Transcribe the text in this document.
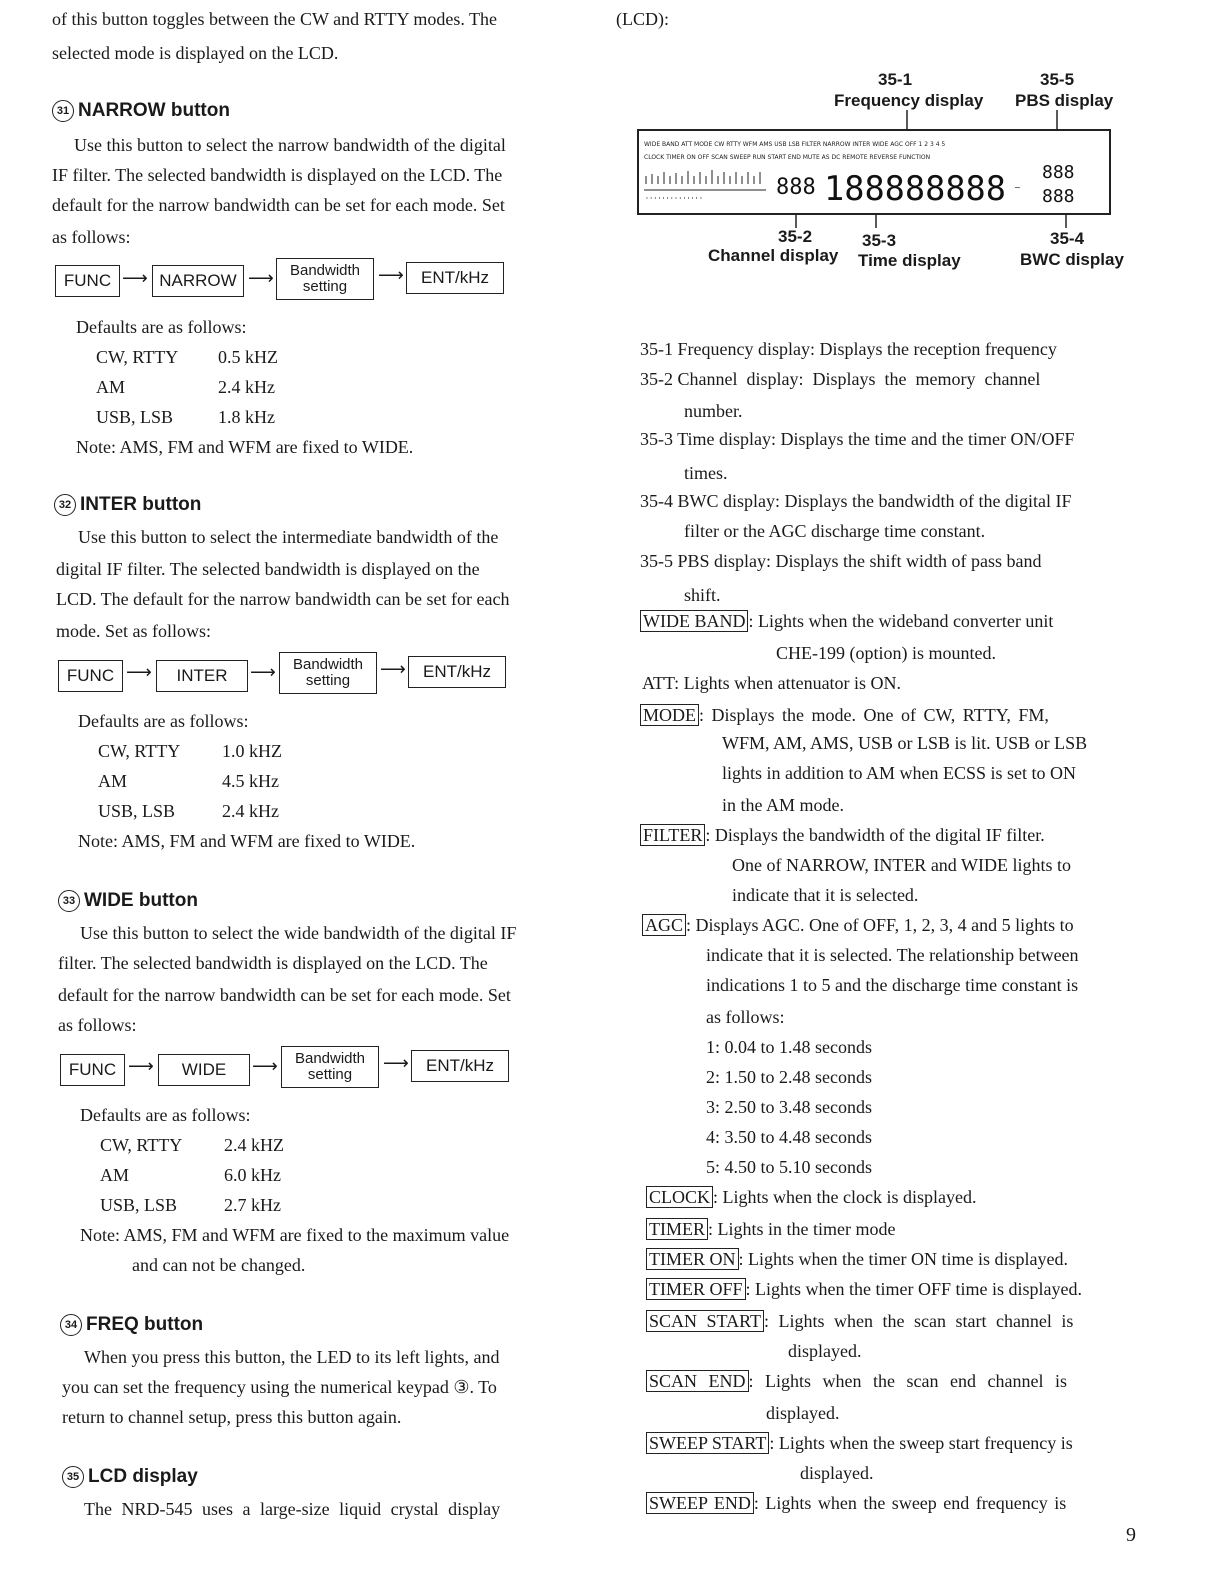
of this button toggles between the CW and RTTY modes. The
selected mode is displayed on the LCD.
31 NARROW button
Use this button to select the narrow bandwidth of the digital
IF filter. The selected bandwidth is displayed on the LCD. The
default for the narrow bandwidth can be set for each mode. Set
as follows:
FUNC ⟶ NARROW ⟶ Bandwidth
setting
⟶	ENT/kHz
Defaults are as follows:
CW, RTTY 0.5 kHZ
AM	2.4 kHz
USB, LSB 1.8 kHz
Note: AMS, FM and WFM are fixed to WIDE.
32 INTER button
Use this button to select the intermediate bandwidth of the
digital IF filter. The selected bandwidth is displayed on the
LCD. The default for the narrow bandwidth can be set for each
mode. Set as follows:
FUNC ⟶	INTER	⟶ Bandwidth
setting
⟶	ENT/kHz
Defaults are as follows:
CW, RTTY 1.0 kHZ
AM	4.5 kHz
USB, LSB	2.4 kHz
Note: AMS, FM and WFM are fixed to WIDE.
33 WIDE button
Use this button to select the wide bandwidth of the digital IF
filter. The selected bandwidth is displayed on the LCD. The
default for the narrow bandwidth can be set for each mode. Set
as follows:
FUNC ⟶	WIDE	⟶ Bandwidth
setting
⟶	ENT/kHz
Defaults are as follows:
CW, RTTY 2.4 kHZ
AM	6.0 kHz
USB, LSB	2.7 kHz
Note: AMS, FM and WFM are fixed to the maximum value
and can not be changed.
34 FREQ button
When you press this button, the LED to its left lights, and
you can set the frequency using the numerical keypad ③. To
return to channel setup, press this button again.
35 LCD display
The NRD-545 uses a large-size liquid crystal display
(LCD):
35-1
Frequency display
35-5
PBS display
WIDE BAND ATT MODE CW RTTY WFM AMS USB LSB FILTER NARROW INTER WIDE AGC OFF 1 2 3 4 5
CLOCK TIMER ON OFF SCAN SWEEP RUN START END MUTE AS DC REMOTE REVERSE FUNCTION
' ' ' ' ' ' ' ' ' ' ' ' ' '	888 188888888 ~
888
888
35-2
Channel display
35-3
Time display
35-4
BWC display
35-1 Frequency display: Displays the reception frequency
35-2 Channel  display:  Displays  the  memory  channel
number.
35-3 Time display: Displays the time and the timer ON/OFF
times.
35-4 BWC display: Displays the bandwidth of the digital IF
filter or the AGC discharge time constant.
35-5 PBS display: Displays the shift width of pass band
shift.
WIDE BAND : Lights when the wideband converter unit
CHE-199 (option) is mounted.
ATT: Lights when attenuator is ON.
MODE : Displays the mode. One of CW, RTTY, FM,
WFM, AM, AMS, USB or LSB is lit. USB or LSB
lights in addition to AM when ECSS is set to ON
in the AM mode.
FILTER : Displays the bandwidth of the digital IF filter.
One of NARROW, INTER and WIDE lights to
indicate that it is selected.
AGC : Displays AGC. One of OFF, 1, 2, 3, 4 and 5 lights to
indicate that it is selected. The relationship between
indications 1 to 5 and the discharge time constant is
as follows:
1: 0.04 to 1.48 seconds
2: 1.50 to 2.48 seconds
3: 2.50 to 3.48 seconds
4: 3.50 to 4.48 seconds
5: 4.50 to 5.10 seconds
CLOCK : Lights when the clock is displayed.
TIMER : Lights in the timer mode
TIMER ON : Lights when the timer ON time is displayed.
TIMER OFF : Lights when the timer OFF time is displayed.
SCAN START : Lights when the scan start channel is
displayed.
SCAN END : Lights when the scan end channel is
displayed.
SWEEP START : Lights when the sweep start frequency is
displayed.
SWEEP END : Lights when the sweep end frequency is
9
